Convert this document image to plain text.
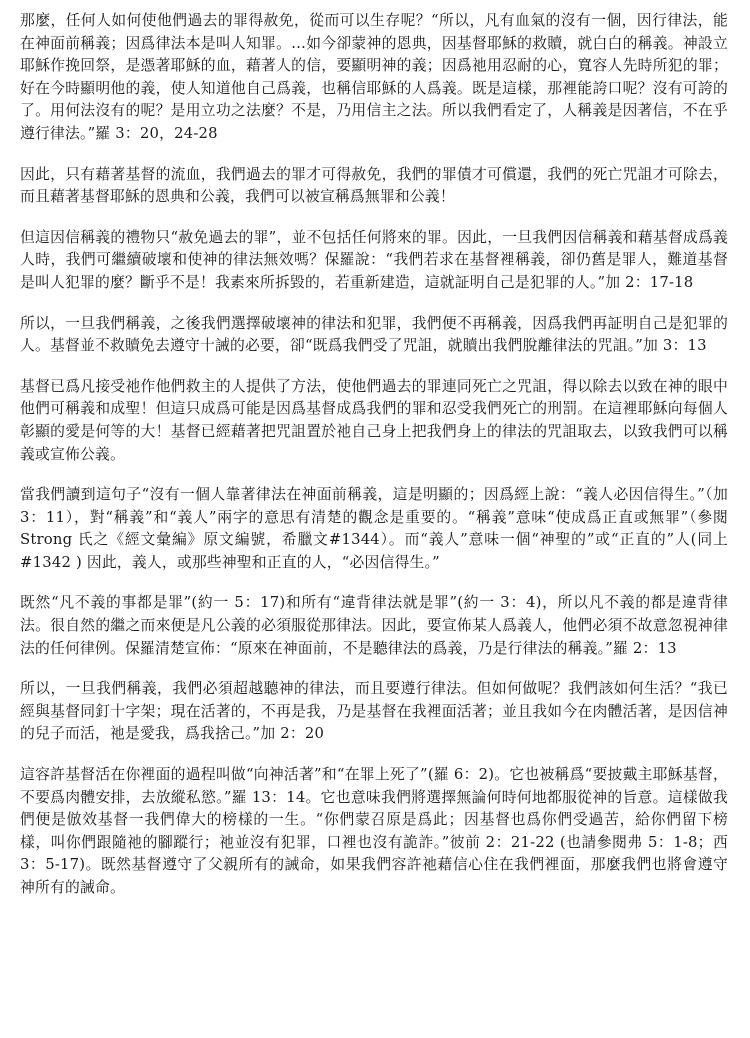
那麼，任何人如何使他們過去的罪得赦免，從而可以生存呢？“所以，凡有血氣的沒有一個，因行律法，能在神面前稱義；因爲律法本是叫人知罪。…如今卻蒙神的恩典，因基督耶穌的救贖，就白白的稱義。神設立耶穌作挽回祭，是憑著耶穌的血，藉著人的信，要顯明神的義；因爲祂用忍耐的心，寬容人先時所犯的罪；好在今時顯明他的義，使人知道他自己爲義，也稱信耶穌的人爲義。既是這樣，那裡能誇口呢？沒有可誇的了。用何法沒有的呢？是用立功之法麼？不是，乃用信主之法。所以我們看定了，人稱義是因著信，不在乎遵行律法。”羅 3：20，24-28

因此，只有藉著基督的流血，我們過去的罪才可得赦免，我們的罪債才可償還，我們的死亡咒詛才可除去，而且藉著基督耶穌的恩典和公義，我們可以被宣稱爲無罪和公義！

但這因信稱義的禮物只“赦免過去的罪”，並不包括任何將來的罪。因此，一旦我們因信稱義和藉基督成爲義人時，我們可繼續破壞和使神的律法無效嗎？保羅說：“我們若求在基督裡稱義，卻仍舊是罪人，難道基督是叫人犯罪的麼？斷乎不是！我素來所拆毀的，若重新建造，這就証明自己是犯罪的人。”加 2：17-18

所以，一旦我們稱義，之後我們選擇破壞神的律法和犯罪，我們便不再稱義，因爲我們再証明自己是犯罪的人。基督並不救贖免去遵守十誡的必要，卻“既爲我們受了咒詛，就贖出我們脫離律法的咒詛。”加 3：13

基督已爲凡接受祂作他們救主的人提供了方法，使他們過去的罪連同死亡之咒詛，得以除去以致在神的眼中他們可稱義和成聖！但這只成爲可能是因爲基督成爲我們的罪和忍受我們死亡的刑罰。在這裡耶穌向每個人彰顯的愛是何等的大！基督已經藉著把咒詛置於祂自己身上把我們身上的律法的咒詛取去，以致我們可以稱義或宣佈公義。

當我們讀到這句子“沒有一個人靠著律法在神面前稱義，這是明顯的；因爲經上說：“義人必因信得生。”（加 3：11），對“稱義”和“義人”兩字的意思有清楚的觀念是重要的。“稱義”意味“使成爲正直或無罪”（參閱 Strong 氏之《經文彙編》原文編號，希臘文#1344）。而“義人”意味一個“神聖的”或“正直的”人(同上 #1342 ) 因此，義人，或那些神聖和正直的人，“必因信得生。”

既然“凡不義的事都是罪”(約一 5：17)和所有“違背律法就是罪”(約一 3：4)，所以凡不義的都是違背律法。很自然的繼之而來便是凡公義的必須服從那律法。因此，要宣佈某人爲義人，他們必須不故意忽視神律法的任何律例。保羅清楚宣佈：“原來在神面前，不是聽律法的爲義，乃是行律法的稱義。”羅 2：13

所以，一旦我們稱義，我們必須超越聽神的律法，而且要遵行律法。但如何做呢？我們該如何生活？“我已經與基督同釘十字架；現在活著的，不再是我，乃是基督在我裡面活著；並且我如今在肉體活著，是因信神的兒子而活，祂是愛我，爲我捨己。”加 2：20

這容許基督活在你裡面的過程叫做“向神活著”和“在罪上死了”(羅 6：2)。它也被稱爲“要披戴主耶穌基督，不要爲肉體安排，去放縱私慾。”羅 13：14。它也意味我們將選擇無論何時何地都服從神的旨意。這樣做我們便是倣效基督一我們偉大的榜樣的一生。“你們蒙召原是爲此；因基督也爲你們受過苦，給你們留下榜樣，叫你們跟隨祂的腳蹤行；祂並沒有犯罪，口裡也沒有詭詐。”彼前 2：21-22 (也請參閱弗 5：1-8；西 3：5-17)。既然基督遵守了父親所有的誡命，如果我們容許祂藉信心住在我們裡面，那麼我們也將會遵守神所有的誡命。
